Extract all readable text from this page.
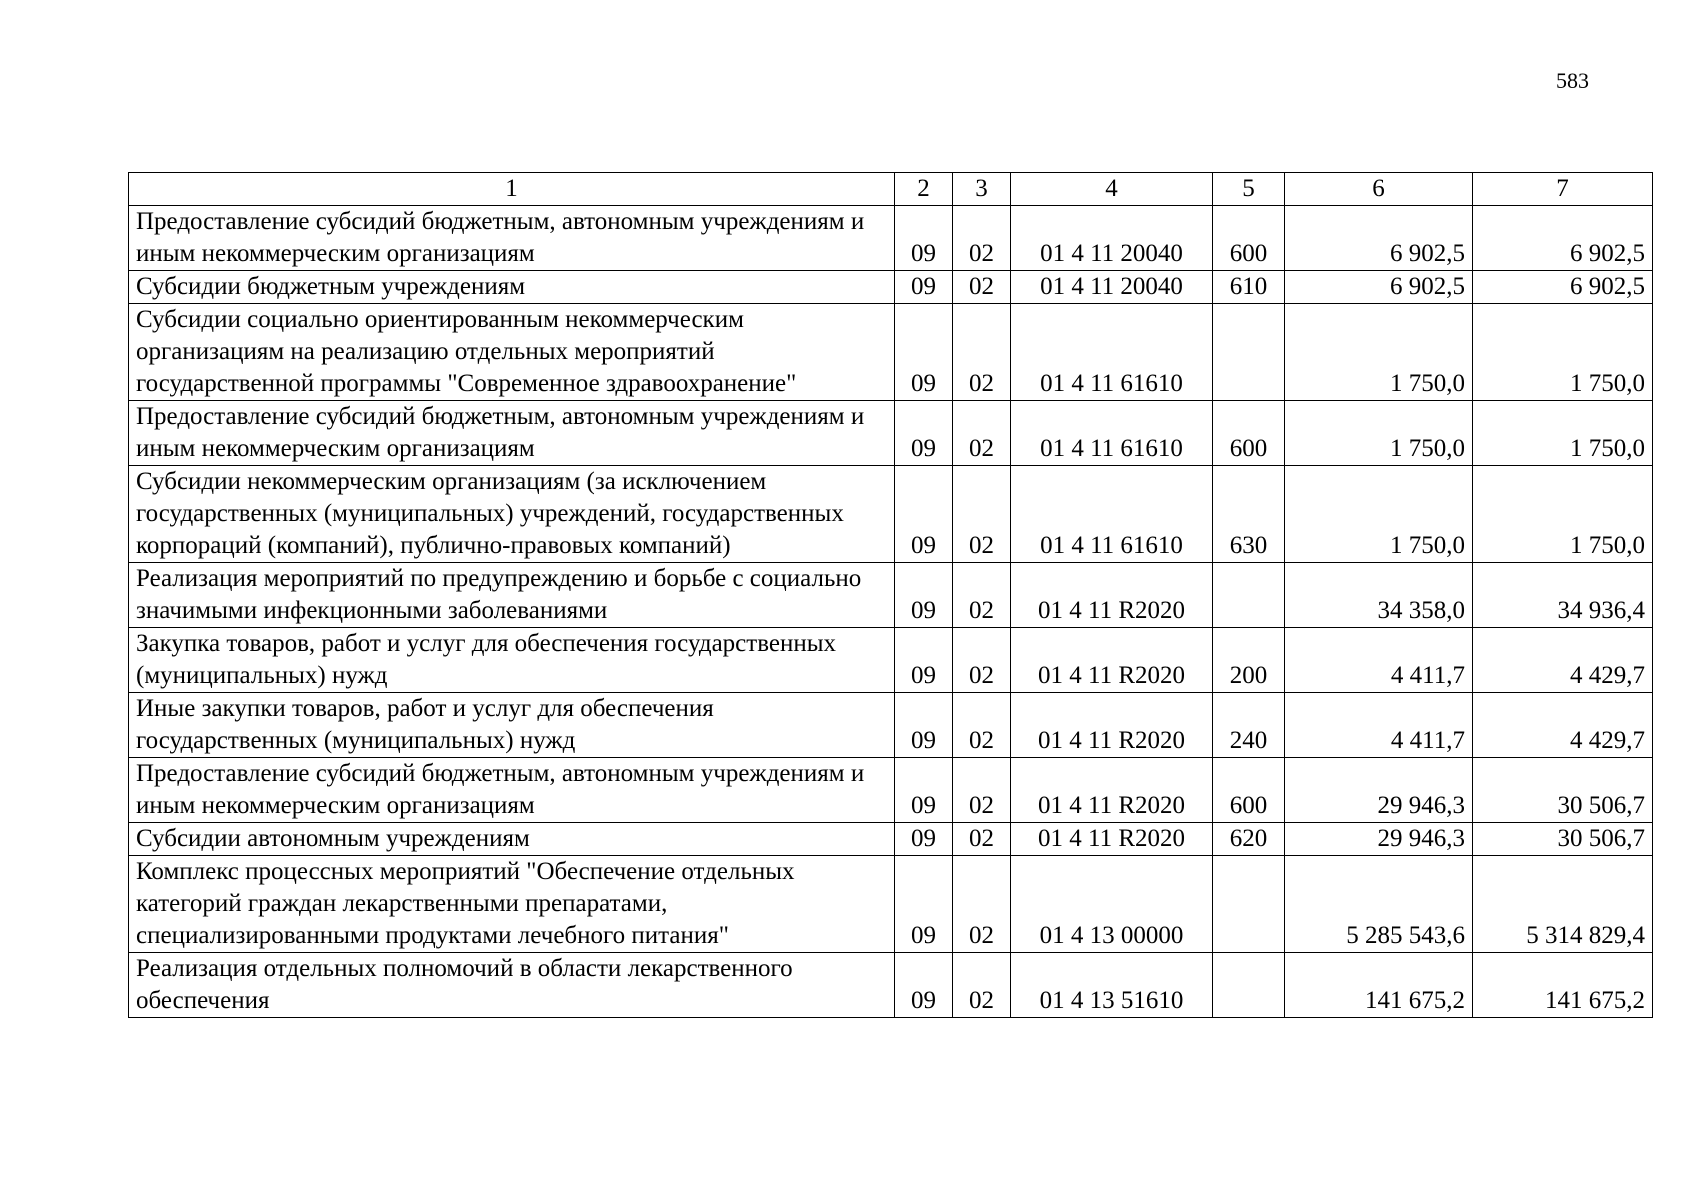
583
1	2	3	4	5	6	7
Предоставление субсидий бюджетным, автономным учреждениям и иным некоммерческим организациям	09	02	01 4 11 20040	600	6 902,5	6 902,5
Субсидии бюджетным учреждениям	09	02	01 4 11 20040	610	6 902,5	6 902,5
Субсидии социально ориентированным некоммерческим организациям на реализацию отдельных мероприятий государственной программы "Современное здравоохранение"	09	02	01 4 11 61610		1 750,0	1 750,0
Предоставление субсидий бюджетным, автономным учреждениям и иным некоммерческим организациям	09	02	01 4 11 61610	600	1 750,0	1 750,0
Субсидии некоммерческим организациям (за исключением государственных (муниципальных) учреждений, государственных корпораций (компаний), публично-правовых компаний)	09	02	01 4 11 61610	630	1 750,0	1 750,0
Реализация мероприятий по предупреждению и борьбе с социально значимыми инфекционными заболеваниями	09	02	01 4 11 R2020		34 358,0	34 936,4
Закупка товаров, работ и услуг для обеспечения государственных (муниципальных) нужд	09	02	01 4 11 R2020	200	4 411,7	4 429,7
Иные закупки товаров, работ и услуг для обеспечения государственных (муниципальных) нужд	09	02	01 4 11 R2020	240	4 411,7	4 429,7
Предоставление субсидий бюджетным, автономным учреждениям и иным некоммерческим организациям	09	02	01 4 11 R2020	600	29 946,3	30 506,7
Субсидии автономным учреждениям	09	02	01 4 11 R2020	620	29 946,3	30 506,7
Комплекс процессных мероприятий "Обеспечение отдельных категорий граждан лекарственными препаратами, специализированными продуктами лечебного питания"	09	02	01 4 13 00000		5 285 543,6	5 314 829,4
Реализация отдельных полномочий в области лекарственного обеспечения	09	02	01 4 13 51610		141 675,2	141 675,2
